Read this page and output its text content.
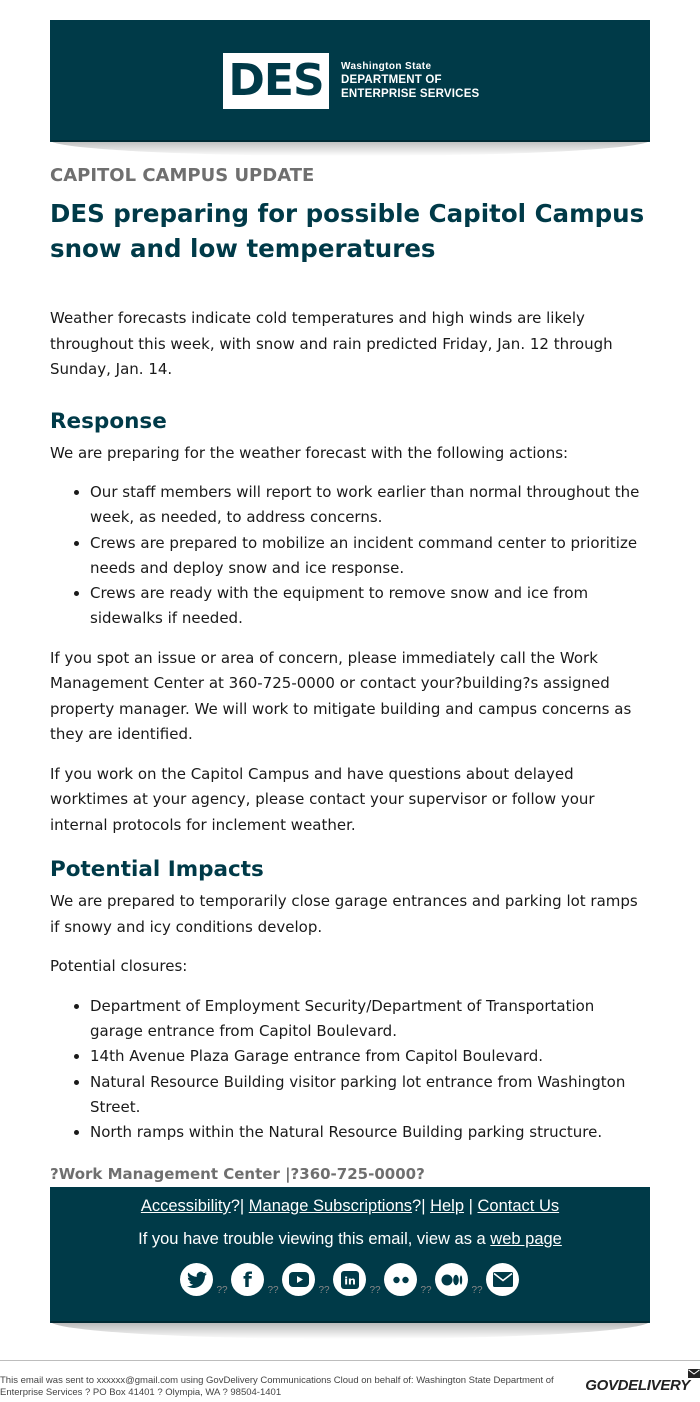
DES	Washington State
DEPARTMENT OF
ENTERPRISE SERVICES
CAPITOL CAMPUS UPDATE
DES preparing for possible Capitol Campus snow and low temperatures

Weather forecasts indicate cold temperatures and high winds are likely throughout this week, with snow and rain predicted Friday, Jan. 12 through Sunday, Jan. 14.

Response

We are preparing for the weather forecast with the following actions:

• Our staff members will report to work earlier than normal throughout the week, as needed, to address concerns.
• Crews are prepared to mobilize an incident command center to prioritize needs and deploy snow and ice response.
• Crews are ready with the equipment to remove snow and ice from sidewalks if needed.

If you spot an issue or area of concern, please immediately call the Work Management Center at 360-725-0000 or contact your?building?s assigned property manager. We will work to mitigate building and campus concerns as they are identified.

If you work on the Capitol Campus and have questions about delayed worktimes at your agency, please contact your supervisor or follow your internal protocols for inclement weather.

Potential Impacts

We are prepared to temporarily close garage entrances and parking lot ramps if snowy and icy conditions develop.

Potential closures:

• Department of Employment Security/Department of Transportation garage entrance from Capitol Boulevard.
• 14th Avenue Plaza Garage entrance from Capitol Boulevard.
• Natural Resource Building visitor parking lot entrance from Washington Street.
• North ramps within the Natural Resource Building parking structure.

?Work Management Center |?360-725-0000?

Accessibility?| Manage Subscriptions?| Help | Contact Us
If you have trouble viewing this email, view as a web page
?? f	??	??
in
??	??	??
This email was sent to xxxxxx@gmail.com using GovDelivery Communications Cloud on behalf of: Washington State Department of Enterprise Services ? PO Box 41401 ? Olympia, WA ? 98504-1401	GOVDELIVERY
